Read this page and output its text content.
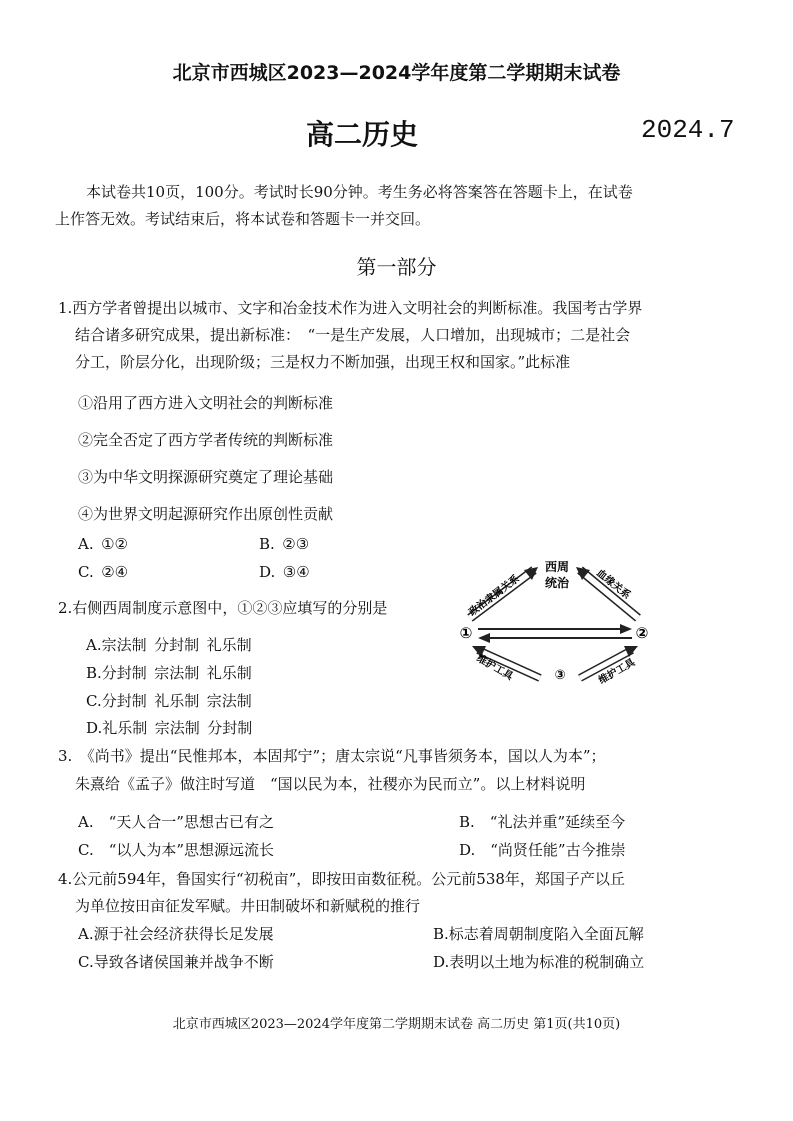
北京市西城区2023—2024学年度第二学期期末试卷
高二历史	2024.7
本试卷共10页，100分。考试时长90分钟。考生务必将答案答在答题卡上，在试卷
上作答无效。考试结束后，将本试卷和答题卡一并交回。
第一部分
1.西方学者曾提出以城市、文字和冶金技术作为进入文明社会的判断标准。我国考古学界
结合诸多研究成果，提出新标准：　“一是生产发展，人口增加，出现城市；二是社会
分工，阶层分化，出现阶级；三是权力不断加强，出现王权和国家。”此标准
①沿用了西方进入文明社会的判断标准
②完全否定了西方学者传统的判断标准
③为中华文明探源研究奠定了理论基础
④为世界文明起源研究作出原创性贡献
A. ①②	B. ②③
C. ②④	D. ③④
2.右侧西周制度示意图中，①②③应填写的分别是
A.宗法制 分封制 礼乐制
B.分封制 宗法制 礼乐制
C.分封制 礼乐制 宗法制
D.礼乐制 宗法制 分封制
西周
统治
政治隶属关系	血缘关系
①	②
③
维护工具	维护工具
3.　《尚书》提出“民惟邦本，本固邦宁”；唐太宗说“凡事皆须务本，国以人为本”；
朱熹给《孟子》做注时写道　“国以民为本，社稷亦为民而立”。以上材料说明
A.　“天人合一”思想古已有之	B.　“礼法并重”延续至今
C.　“以人为本”思想源远流长	D.　“尚贤任能”古今推崇
4.公元前594年，鲁国实行“初税亩”，即按田亩数征税。公元前538年，郑国子产以丘
为单位按田亩征发军赋。井田制破坏和新赋税的推行
A.源于社会经济获得长足发展	B.标志着周朝制度陷入全面瓦解
C.导致各诸侯国兼并战争不断	D.表明以土地为标准的税制确立
北京市西城区2023—2024学年度第二学期期末试卷 高二历史 第1页(共10页)
